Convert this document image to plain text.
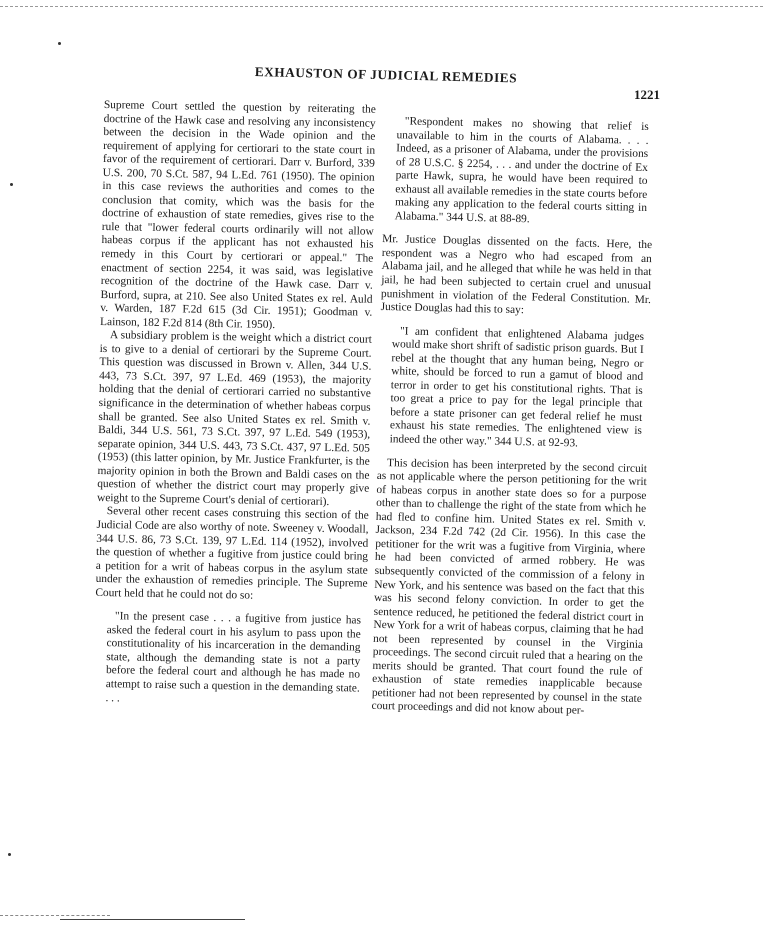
EXHAUSTON OF JUDICIAL REMEDIES
1221

Supreme Court settled the question by reiterating the doctrine of the Hawk case and resolving any inconsistency between the decision in the Wade opinion and the requirement of applying for certiorari to the state court in favor of the requirement of certiorari. Darr v. Burford, 339 U.S. 200, 70 S.Ct. 587, 94 L.Ed. 761 (1950). The opinion in this case reviews the authorities and comes to the conclusion that comity, which was the basis for the doctrine of exhaustion of state remedies, gives rise to the rule that "lower federal courts ordinarily will not allow habeas corpus if the applicant has not exhausted his remedy in this Court by certiorari or appeal." The enactment of section 2254, it was said, was legislative recognition of the doctrine of the Hawk case. Darr v. Burford, supra, at 210. See also United States ex rel. Auld v. Warden, 187 F.2d 615 (3d Cir. 1951); Goodman v. Lainson, 182 F.2d 814 (8th Cir. 1950).

A subsidiary problem is the weight which a district court is to give to a denial of certiorari by the Supreme Court. This question was discussed in Brown v. Allen, 344 U.S. 443, 73 S.Ct. 397, 97 L.Ed. 469 (1953), the majority holding that the denial of certiorari carried no substantive significance in the determination of whether habeas corpus shall be granted. See also United States ex rel. Smith v. Baldi, 344 U.S. 561, 73 S.Ct. 397, 97 L.Ed. 549 (1953), separate opinion, 344 U.S. 443, 73 S.Ct. 437, 97 L.Ed. 505 (1953) (this latter opinion, by Mr. Justice Frankfurter, is the majority opinion in both the Brown and Baldi cases on the question of whether the district court may properly give weight to the Supreme Court's denial of certiorari).

Several other recent cases construing this section of the Judicial Code are also worthy of note. Sweeney v. Woodall, 344 U.S. 86, 73 S.Ct. 139, 97 L.Ed. 114 (1952), involved the question of whether a fugitive from justice could bring a petition for a writ of habeas corpus in the asylum state under the exhaustion of remedies principle. The Supreme Court held that he could not do so:

"In the present case . . . a fugitive from justice has asked the federal court in his asylum to pass upon the constitutionality of his incarceration in the demanding state, although the demanding state is not a party before the federal court and although he has made no attempt to raise such a question in the demanding state. . . .

"Respondent makes no showing that relief is unavailable to him in the courts of Alabama. . . . Indeed, as a prisoner of Alabama, under the provisions of 28 U.S.C. § 2254, . . . and under the doctrine of Ex parte Hawk, supra, he would have been required to exhaust all available remedies in the state courts before making any application to the federal courts sitting in Alabama." 344 U.S. at 88-89.

Mr. Justice Douglas dissented on the facts. Here, the respondent was a Negro who had escaped from an Alabama jail, and he alleged that while he was held in that jail, he had been subjected to certain cruel and unusual punishment in violation of the Federal Constitution. Mr. Justice Douglas had this to say:

"I am confident that enlightened Alabama judges would make short shrift of sadistic prison guards. But I rebel at the thought that any human being, Negro or white, should be forced to run a gamut of blood and terror in order to get his constitutional rights. That is too great a price to pay for the legal principle that before a state prisoner can get federal relief he must exhaust his state remedies. The enlightened view is indeed the other way." 344 U.S. at 92-93.

This decision has been interpreted by the second circuit as not applicable where the person petitioning for the writ of habeas corpus in another state does so for a purpose other than to challenge the right of the state from which he had fled to confine him. United States ex rel. Smith v. Jackson, 234 F.2d 742 (2d Cir. 1956). In this case the petitioner for the writ was a fugitive from Virginia, where he had been convicted of armed robbery. He was subsequently convicted of the commission of a felony in New York, and his sentence was based on the fact that this was his second felony conviction. In order to get the sentence reduced, he petitioned the federal district court in New York for a writ of habeas corpus, claiming that he had not been represented by counsel in the Virginia proceedings. The second circuit ruled that a hearing on the merits should be granted. That court found the rule of exhaustion of state remedies inapplicable because petitioner had not been represented by counsel in the state court proceedings and did not know about per-
